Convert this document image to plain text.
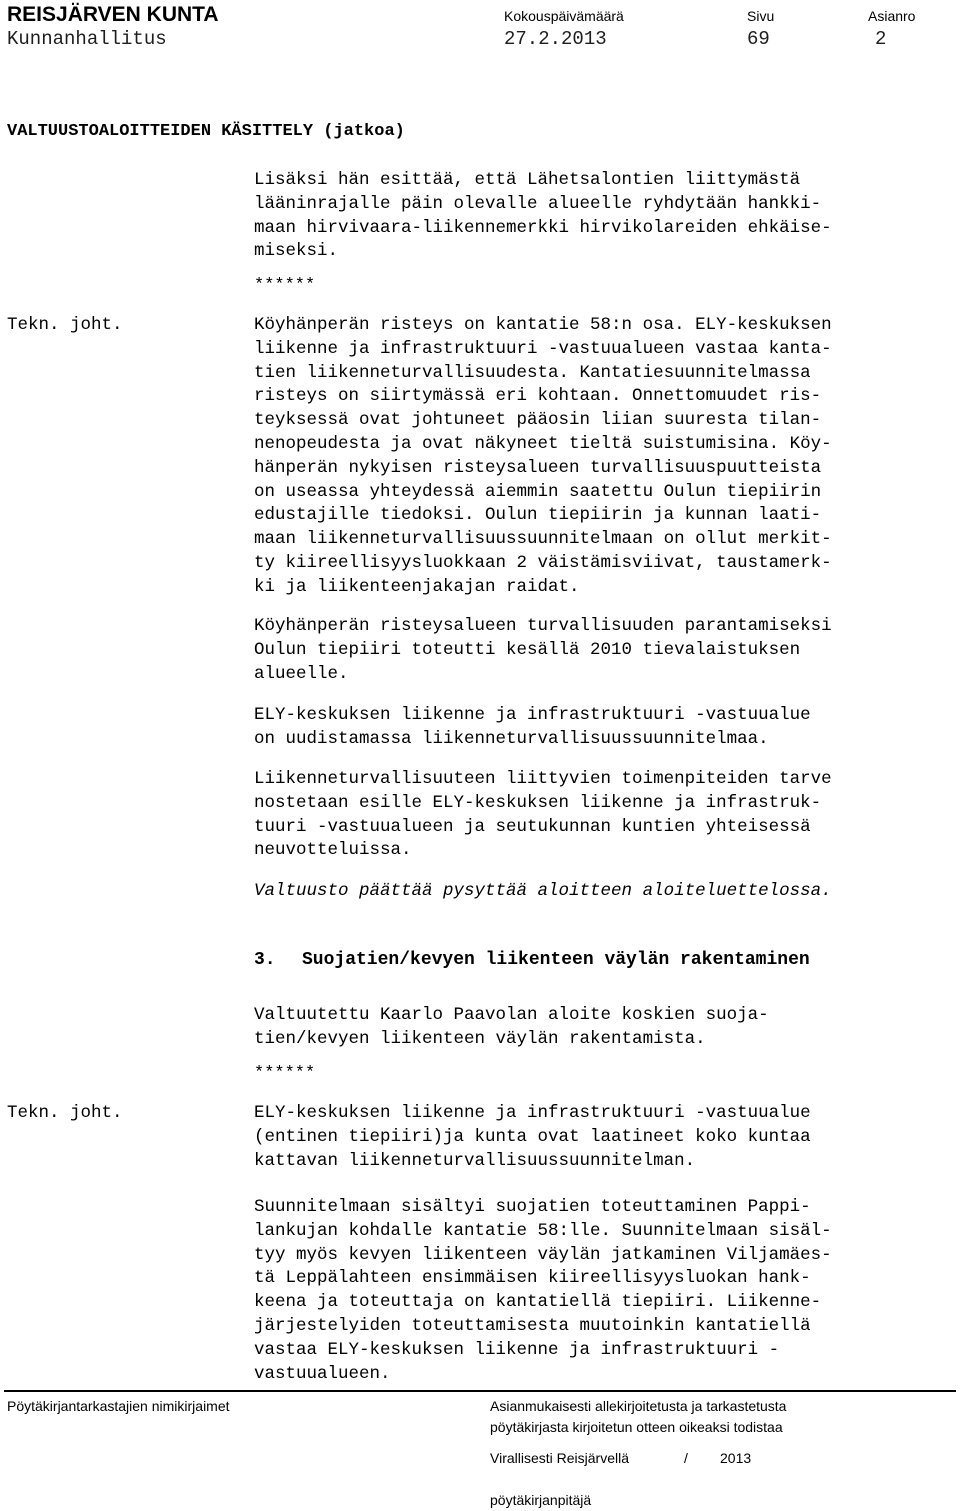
REISJÄRVEN KUNTA
Kunnanhallitus
Kokouspäivämäärä
27.2.2013
Sivu
69
Asianro
2
VALTUUSTOALOITTEIDEN KÄSITTELY (jatkoa)
Lisäksi hän esittää, että Lähetsalontien liittymästä
lääninrajalle päin olevalle alueelle ryhdytään hankki-
maan hirvivaara-liikennemerkki hirvikolareiden ehkäise-
miseksi.
******
Tekn. joht.	Köyhänperän risteys on kantatie 58:n osa. ELY-keskuksen
liikenne ja infrastruktuuri -vastuualueen vastaa kanta-
tien liikenneturvallisuudesta. Kantatiesuunnitelmassa
risteys on siirtymässä eri kohtaan. Onnettomuudet ris-
teyksessä ovat johtuneet pääosin liian suuresta tilan-
nenopeudesta ja ovat näkyneet tieltä suistumisina. Köy-
hänperän nykyisen risteysalueen turvallisuuspuutteista
on useassa yhteydessä aiemmin saatettu Oulun tiepiirin
edustajille tiedoksi. Oulun tiepiirin ja kunnan laati-
maan liikenneturvallisuussuunnitelmaan on ollut merkit-
ty kiireellisyysluokkaan 2 väistämisviivat, taustamerk-
ki ja liikenteenjakajan raidat.
Köyhänperän risteysalueen turvallisuuden parantamiseksi
Oulun tiepiiri toteutti kesällä 2010 tievalaistuksen
alueelle.
ELY-keskuksen liikenne ja infrastruktuuri -vastuualue
on uudistamassa liikenneturvallisuussuunnitelmaa.
Liikenneturvallisuuteen liittyvien toimenpiteiden tarve
nostetaan esille ELY-keskuksen liikenne ja infrastruk-
tuuri -vastuualueen ja seutukunnan kuntien yhteisessä
neuvotteluissa.
Valtuusto päättää pysyttää aloitteen aloiteluettelossa.
3. Suojatien/kevyen liikenteen väylän rakentaminen
Valtuutettu Kaarlo Paavolan aloite koskien suoja-
tien/kevyen liikenteen väylän rakentamista.
******
Tekn. joht.	ELY-keskuksen liikenne ja infrastruktuuri -vastuualue
(entinen tiepiiri)ja kunta ovat laatineet koko kuntaa
kattavan liikenneturvallisuussuunnitelman.
Suunnitelmaan sisältyi suojatien toteuttaminen Pappi-
lankujan kohdalle kantatie 58:lle. Suunnitelmaan sisäl-
tyy myös kevyen liikenteen väylän jatkaminen Viljamäes-
tä Leppälahteen ensimmäisen kiireellisyysluokan hank-
keena ja toteuttaja on kantatiellä tiepiiri. Liikenne-
järjestelyiden toteuttamisesta muutoinkin kantatiellä
vastaa ELY-keskuksen liikenne ja infrastruktuuri -
vastuualueen.
Pöytäkirjantarkastajien nimikirjaimet	Asianmukaisesti allekirjoitetusta ja tarkastetusta
pöytäkirjasta kirjoitetun otteen oikeaksi todistaa
Virallisesti Reisjärvellä	/ 2013
pöytäkirjanpitäjä
